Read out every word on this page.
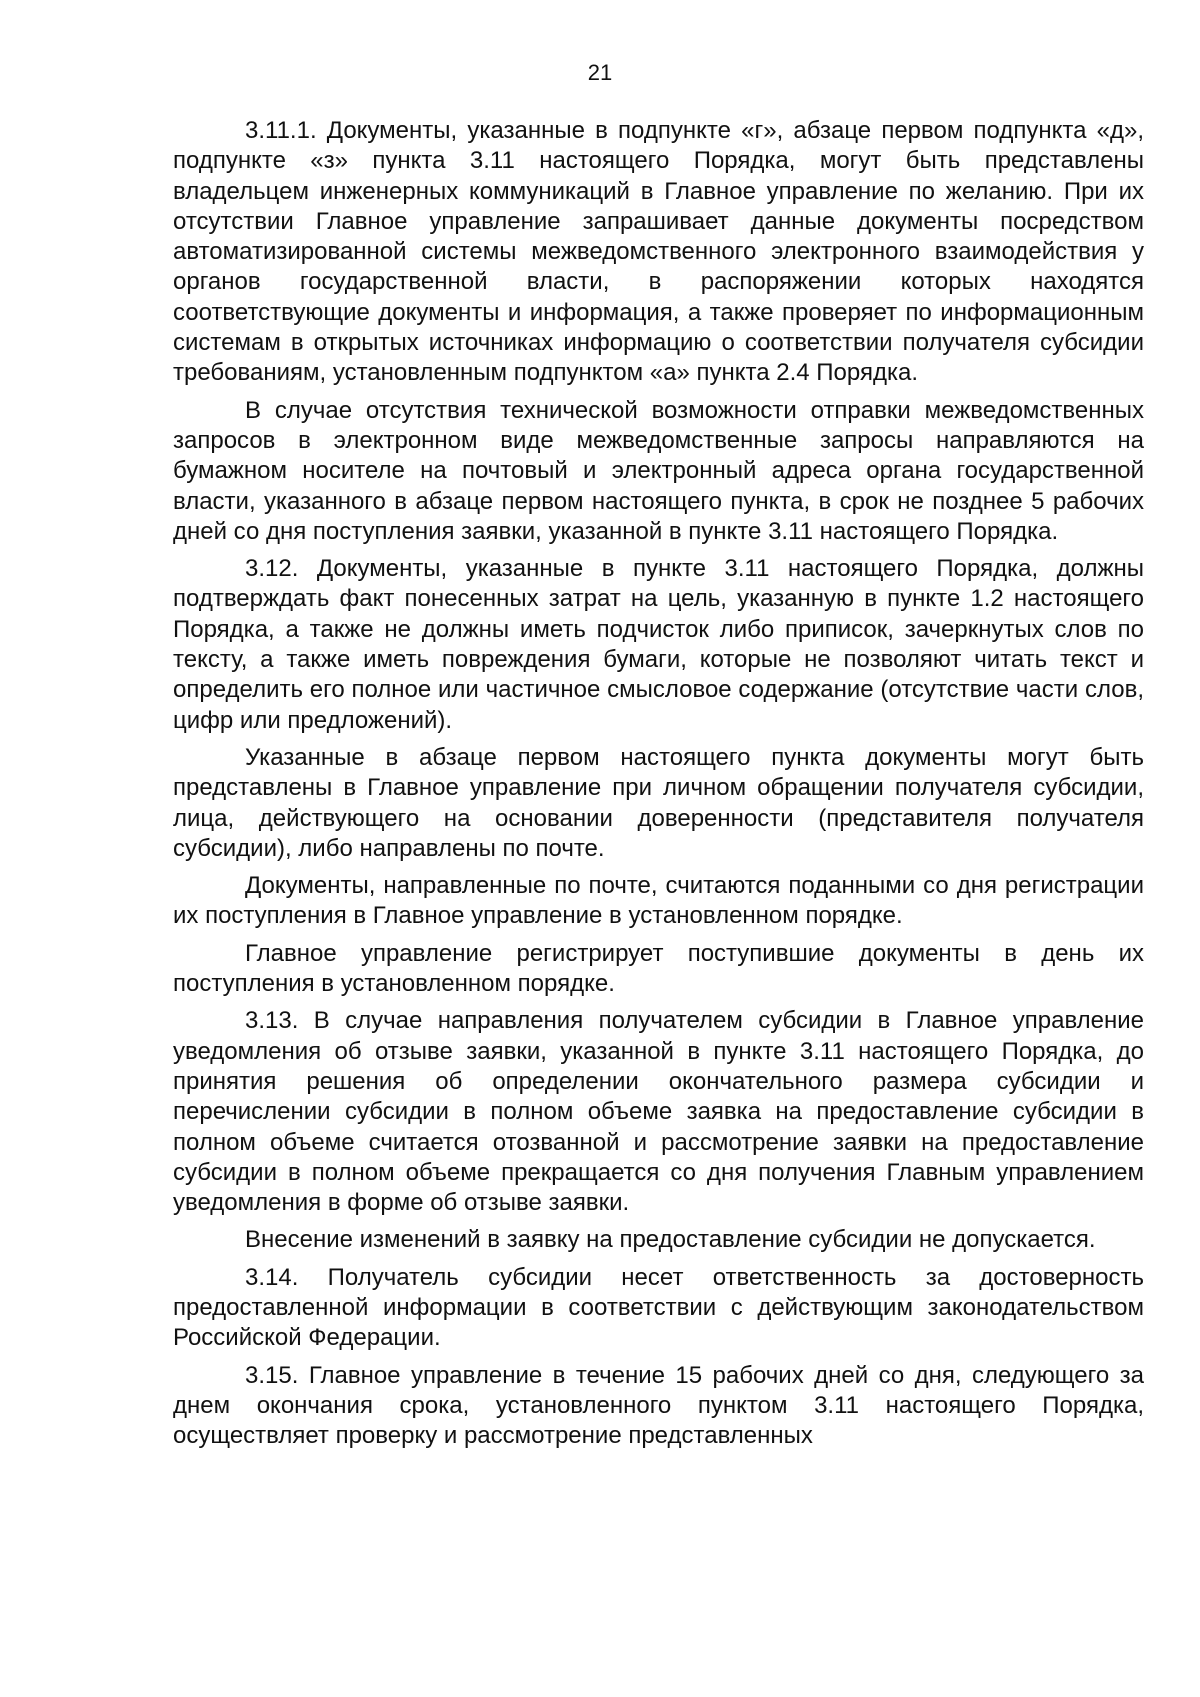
21

3.11.1. Документы, указанные в подпункте «г», абзаце первом подпункта «д», подпункте «з» пункта 3.11 настоящего Порядка, могут быть представлены владельцем инженерных коммуникаций в Главное управление по желанию. При их отсутствии Главное управление запрашивает данные документы посредством автоматизированной системы межведомственного электронного взаимодействия у органов государственной власти, в распоряжении которых находятся соответствующие документы и информация, а также проверяет по информационным системам в открытых источниках информацию о соответствии получателя субсидии требованиям, установленным подпунктом «а» пункта 2.4 Порядка.

В случае отсутствия технической возможности отправки межведомственных запросов в электронном виде межведомственные запросы направляются на бумажном носителе на почтовый и электронный адреса органа государственной власти, указанного в абзаце первом настоящего пункта, в срок не позднее 5 рабочих дней со дня поступления заявки, указанной в пункте 3.11 настоящего Порядка.

3.12. Документы, указанные в пункте 3.11 настоящего Порядка, должны подтверждать факт понесенных затрат на цель, указанную в пункте 1.2 настоящего Порядка, а также не должны иметь подчисток либо приписок, зачеркнутых слов по тексту, а также иметь повреждения бумаги, которые не позволяют читать текст и определить его полное или частичное смысловое содержание (отсутствие части слов, цифр или предложений).

Указанные в абзаце первом настоящего пункта документы могут быть представлены в Главное управление при личном обращении получателя субсидии, лица, действующего на основании доверенности (представителя получателя субсидии), либо направлены по почте.

Документы, направленные по почте, считаются поданными со дня регистрации их поступления в Главное управление в установленном порядке.

Главное управление регистрирует поступившие документы в день их поступления в установленном порядке.

3.13. В случае направления получателем субсидии в Главное управление уведомления об отзыве заявки, указанной в пункте 3.11 настоящего Порядка, до принятия решения об определении окончательного размера субсидии и перечислении субсидии в полном объеме заявка на предоставление субсидии в полном объеме считается отозванной и рассмотрение заявки на предоставление субсидии в полном объеме прекращается со дня получения Главным управлением уведомления в форме об отзыве заявки.

Внесение изменений в заявку на предоставление субсидии не допускается.

3.14. Получатель субсидии несет ответственность за достоверность предоставленной информации в соответствии с действующим законодательством Российской Федерации.

3.15. Главное управление в течение 15 рабочих дней со дня, следующего за днем окончания срока, установленного пунктом 3.11 настоящего Порядка, осуществляет проверку и рассмотрение представленных
